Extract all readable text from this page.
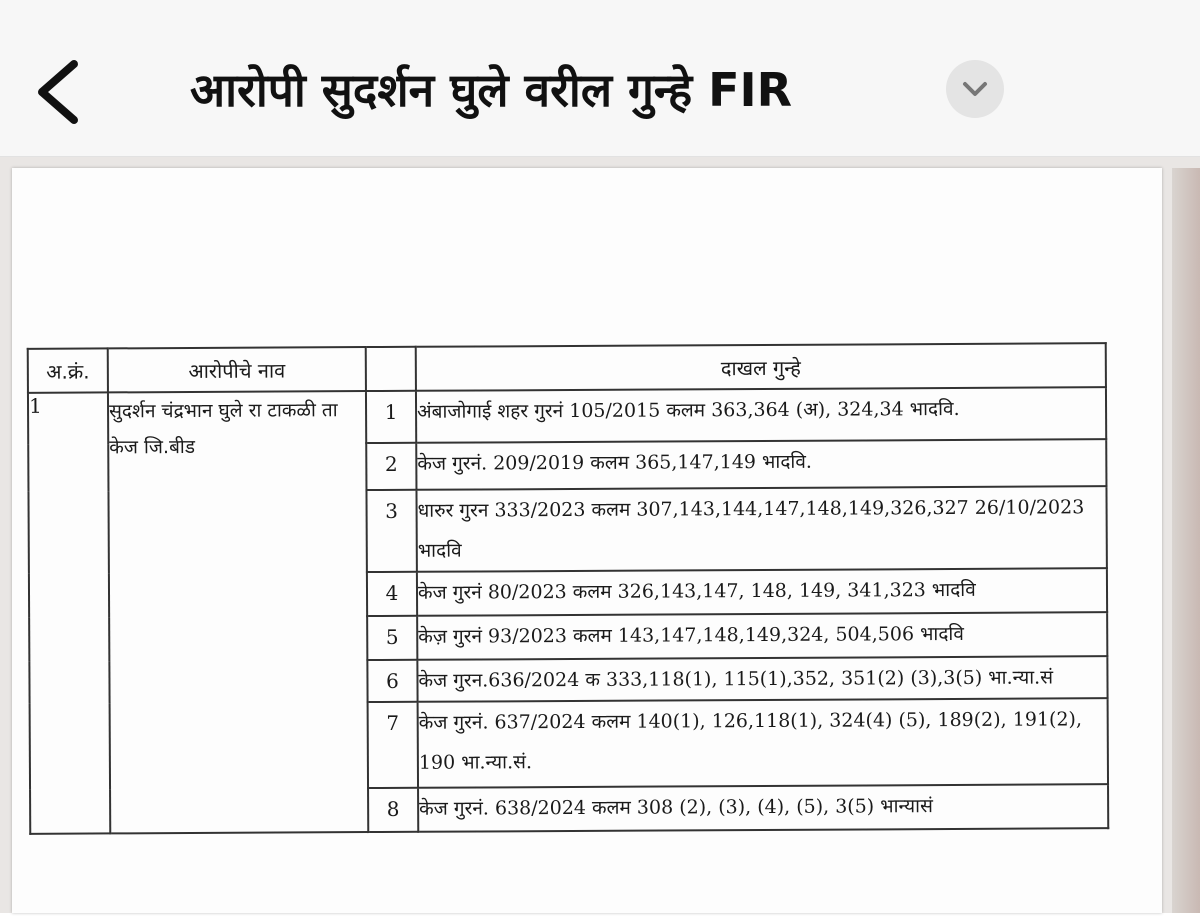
आरोपी सुदर्शन घुले वरील गुन्हे FIR
अ.क्रं.	आरोपीचे नाव		दाखल गुन्हे
1	सुदर्शन चंद्रभान घुले रा टाकळी ता केज जि.बीड	1	अंबाजोगाई शहर गुरनं 105/2015 कलम 363,364 (अ), 324,34 भादवि.
		2	केज गुरनं. 209/2019 कलम 365,147,149 भादवि.
		3	धारुर गुरन 333/2023 कलम 307,143,144,147,148,149,326,327 26/10/2023 भादवि
		4	केज गुरनं 80/2023 कलम 326,143,147, 148, 149, 341,323 भादवि
		5	केज़ गुरनं 93/2023 कलम 143,147,148,149,324, 504,506 भादवि
		6	केज गुरन.636/2024 क 333,118(1), 115(1),352, 351(2) (3),3(5) भा.न्या.सं
		7	केज गुरनं. 637/2024 कलम 140(1), 126,118(1), 324(4) (5), 189(2), 191(2), 190 भा.न्या.सं.
		8	केज गुरनं. 638/2024 कलम 308 (2), (3), (4), (5), 3(5) भान्यासं
